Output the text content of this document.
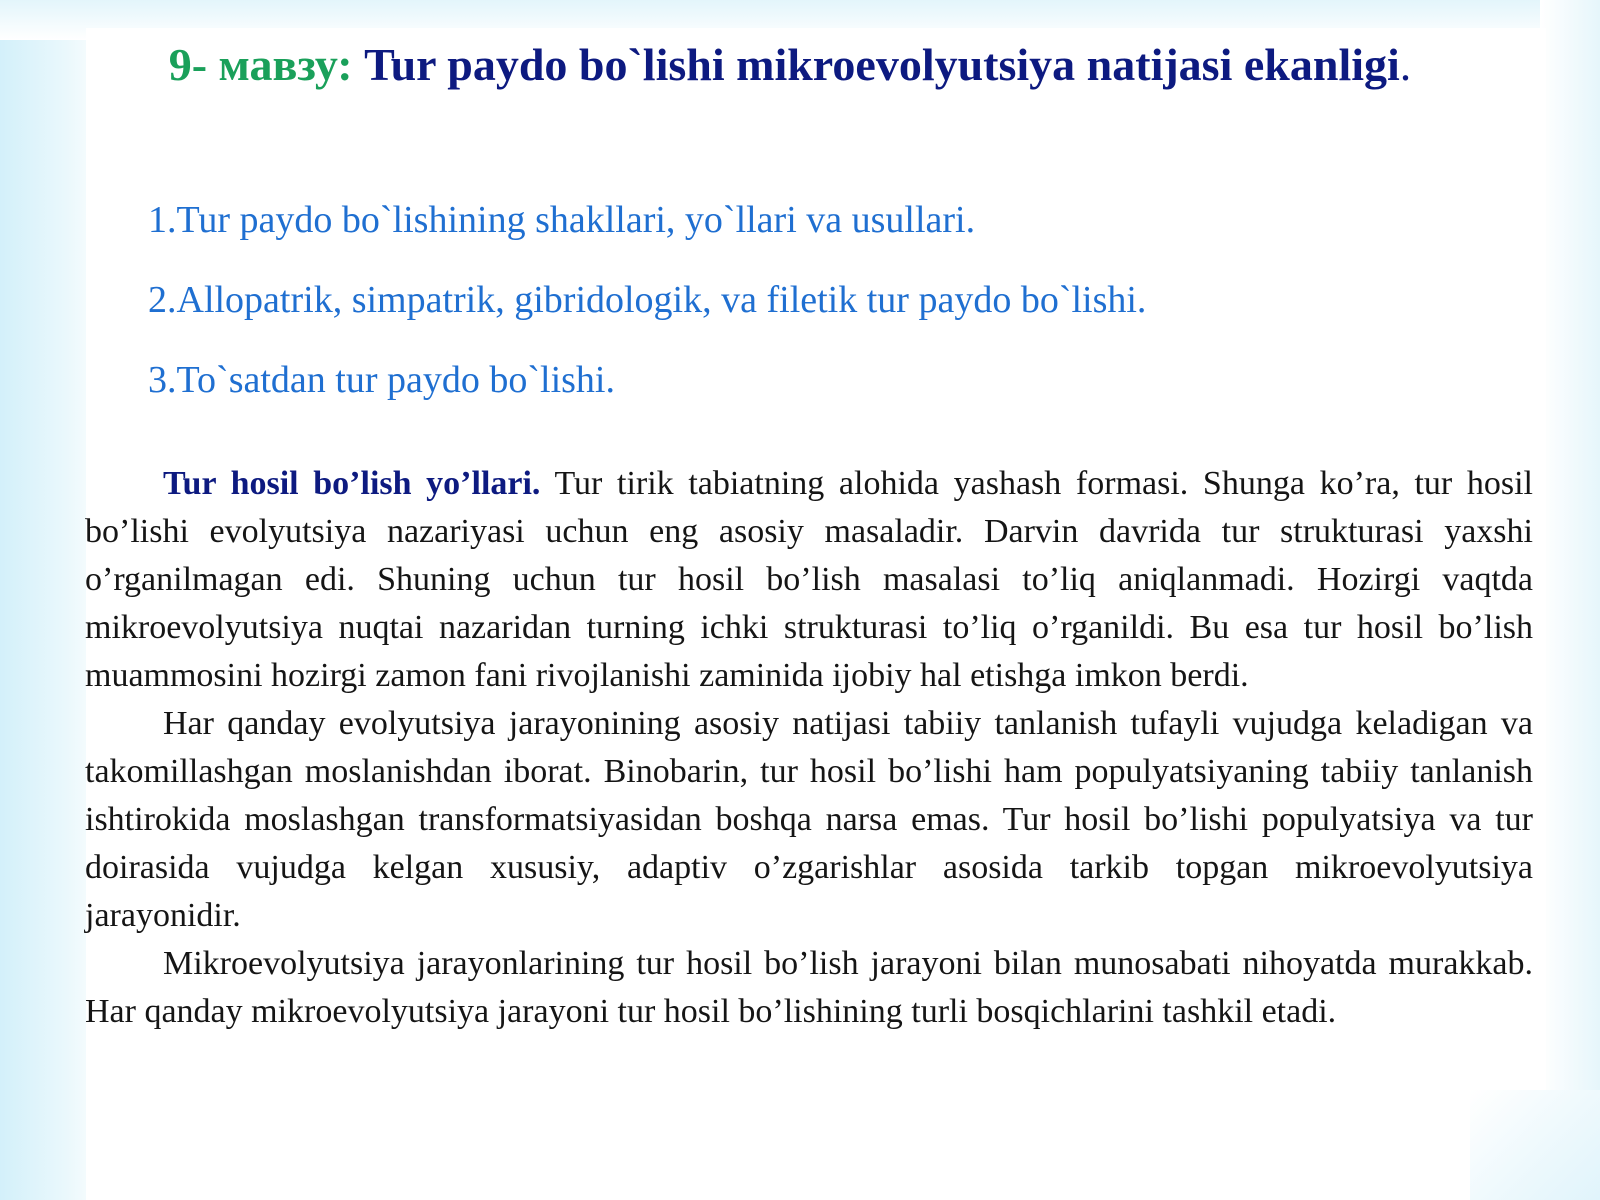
9- мавзу: Tur paydo bo`lishi mikroevolyutsiya natijasi ekanligi.
1.Tur paydo bo`lishining shakllari, yo`llari va usullari.
2.Allopatrik, simpatrik, gibridologik, va filetik tur paydo bo`lishi.
3.To`satdan tur paydo bo`lishi.

Tur hosil bo’lish yo’llari. Tur tirik tabiatning alohida yashash formasi. Shunga ko’ra, tur hosil bo’lishi evolyutsiya nazariyasi uchun eng asosiy masaladir. Darvin davrida tur strukturasi yaxshi o’rganilmagan edi. Shuning uchun tur hosil bo’lish masalasi to’liq aniqlanmadi. Hozirgi vaqtda mikroevolyutsiya nuqtai nazaridan turning ichki strukturasi to’liq o’rganildi. Bu esa tur hosil bo’lish muammosini hozirgi zamon fani rivojlanishi zaminida ijobiy hal etishga imkon berdi.

Har qanday evolyutsiya jarayonining asosiy natijasi tabiiy tanlanish tufayli vujudga keladigan va takomillashgan moslanishdan iborat. Binobarin, tur hosil bo’lishi ham populyatsiyaning tabiiy tanlanish ishtirokida moslashgan transformatsiyasidan boshqa narsa emas. Tur hosil bo’lishi populyatsiya va tur doirasida vujudga kelgan xususiy, adaptiv o’zgarishlar asosida tarkib topgan mikroevolyutsiya jarayonidir.

Mikroevolyutsiya jarayonlarining tur hosil bo’lish jarayoni bilan munosabati nihoyatda murakkab. Har qanday mikroevolyutsiya jarayoni tur hosil bo’lishining turli bosqichlarini tashkil etadi.
